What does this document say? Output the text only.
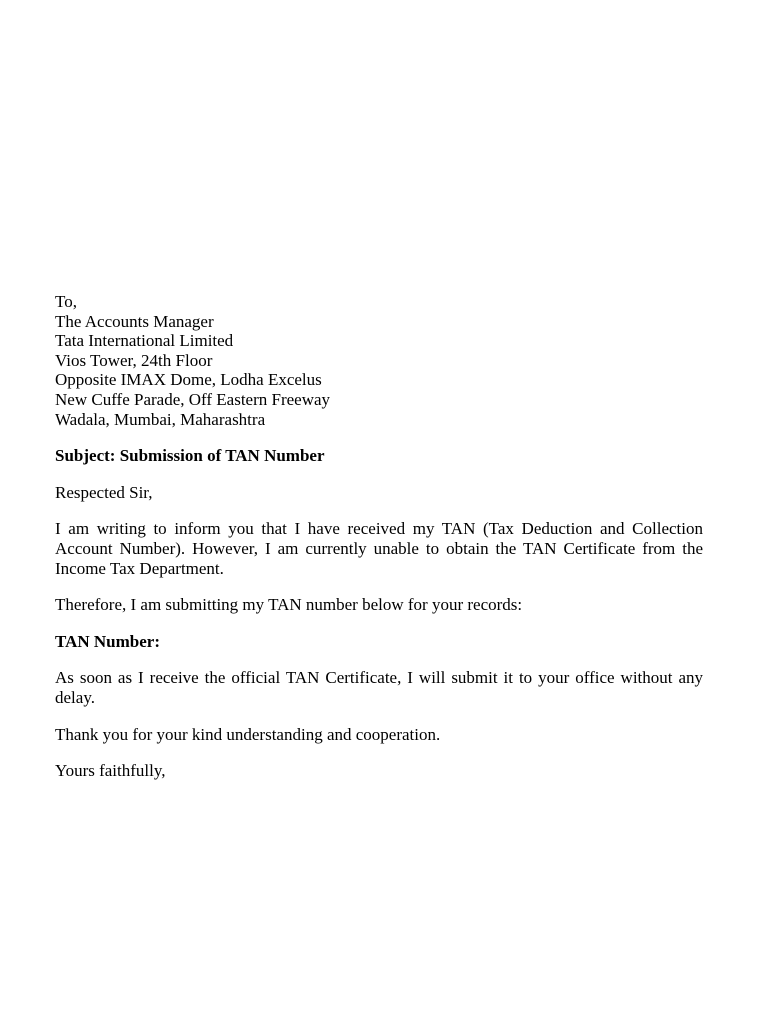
To,
The Accounts Manager
Tata International Limited
Vios Tower, 24th Floor
Opposite IMAX Dome, Lodha Excelus
New Cuffe Parade, Off Eastern Freeway
Wadala, Mumbai, Maharashtra
Subject: Submission of TAN Number
Respected Sir,
I am writing to inform you that I have received my TAN (Tax Deduction and Collection Account Number). However, I am currently unable to obtain the TAN Certificate from the Income Tax Department.
Therefore, I am submitting my TAN number below for your records:
TAN Number:
As soon as I receive the official TAN Certificate, I will submit it to your office without any delay.
Thank you for your kind understanding and cooperation.
Yours faithfully,
